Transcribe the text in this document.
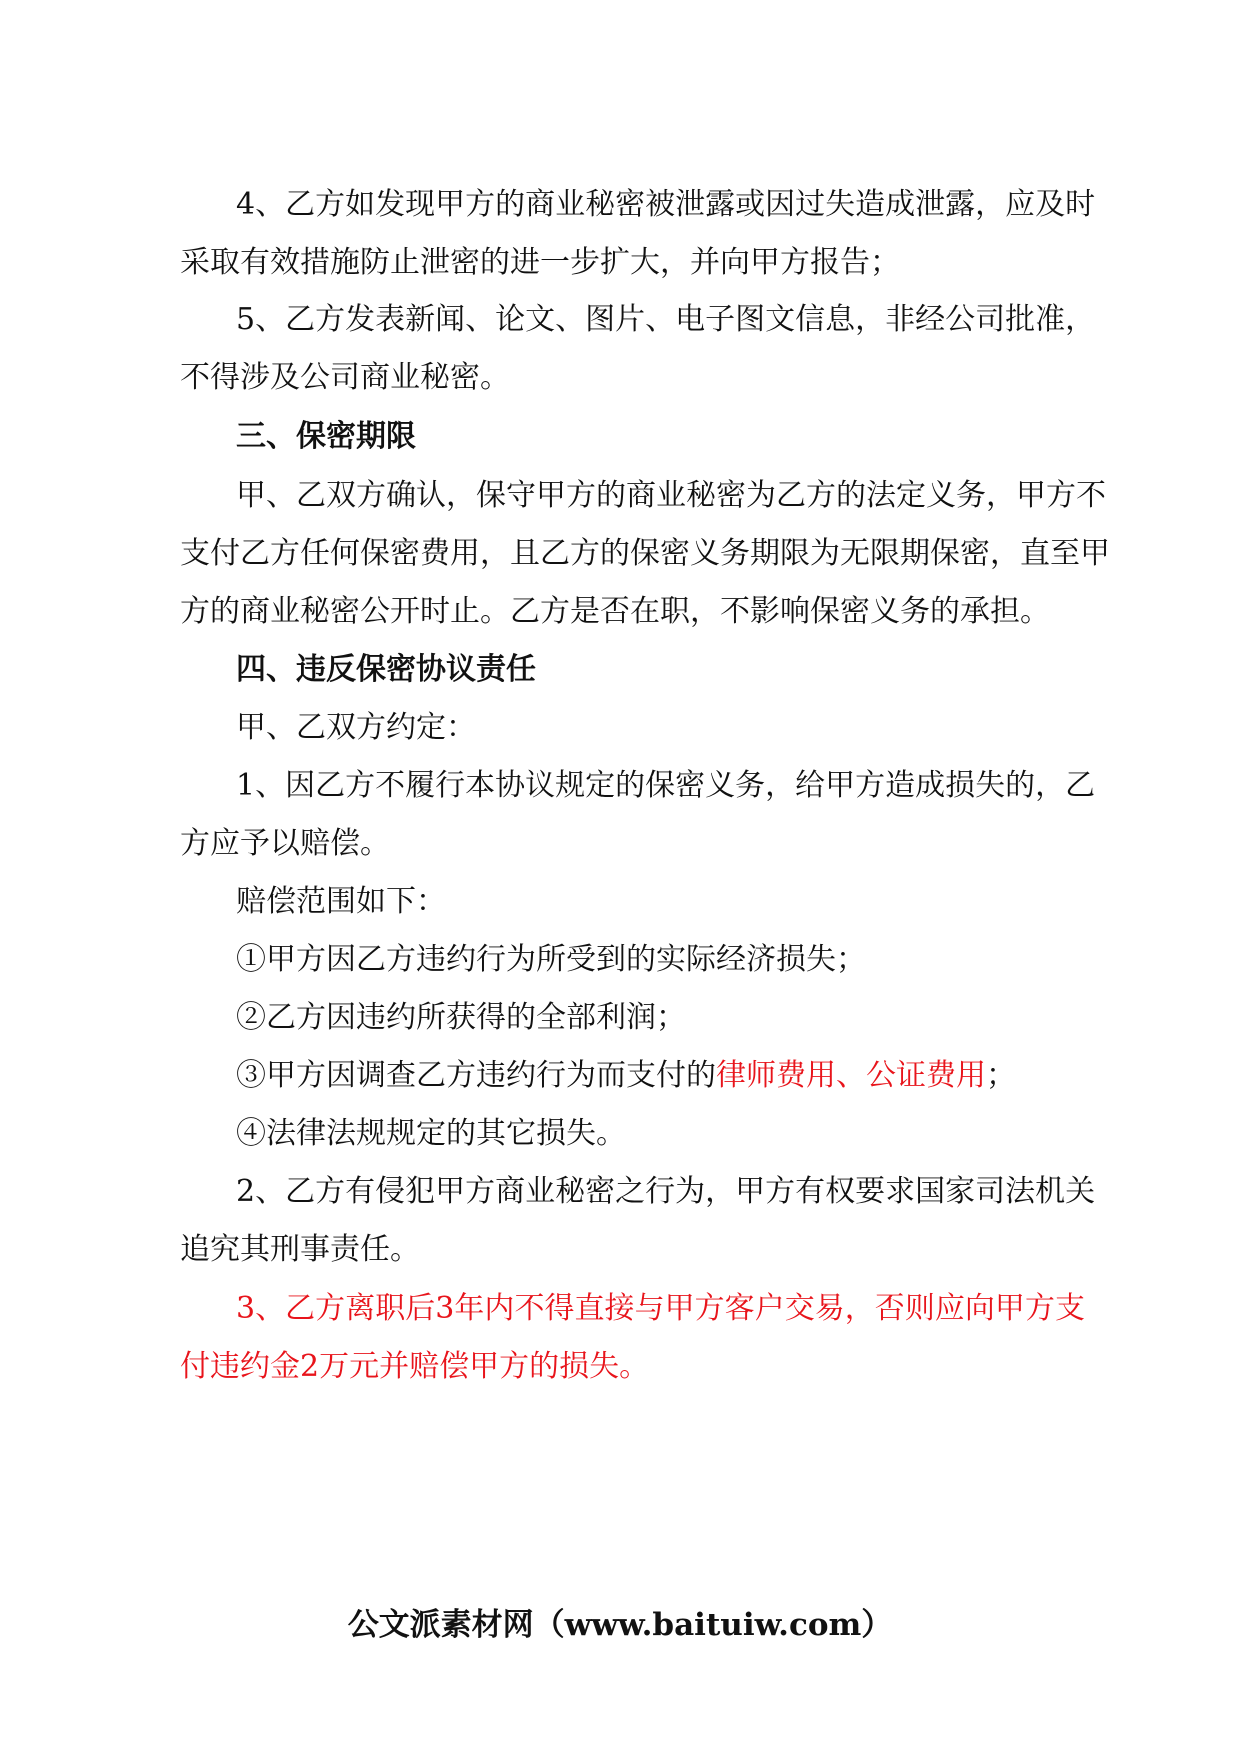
4、乙方如发现甲方的商业秘密被泄露或因过失造成泄露，应及时
采取有效措施防止泄密的进一步扩大，并向甲方报告；
5、乙方发表新闻、论文、图片、电子图文信息，非经公司批准，
不得涉及公司商业秘密。
三、保密期限
甲、乙双方确认，保守甲方的商业秘密为乙方的法定义务，甲方不
支付乙方任何保密费用，且乙方的保密义务期限为无限期保密，直至甲
方的商业秘密公开时止。乙方是否在职，不影响保密义务的承担。
四、违反保密协议责任
甲、乙双方约定：
1、因乙方不履行本协议规定的保密义务，给甲方造成损失的，乙
方应予以赔偿。
赔偿范围如下：
①甲方因乙方违约行为所受到的实际经济损失；
②乙方因违约所获得的全部利润；
③甲方因调查乙方违约行为而支付的律师费用、公证费用；
④法律法规规定的其它损失。
2、乙方有侵犯甲方商业秘密之行为，甲方有权要求国家司法机关
追究其刑事责任。
3、乙方离职后3年内不得直接与甲方客户交易，否则应向甲方支
付违约金2万元并赔偿甲方的损失。
公文派素材网（www.baituiw.com）
